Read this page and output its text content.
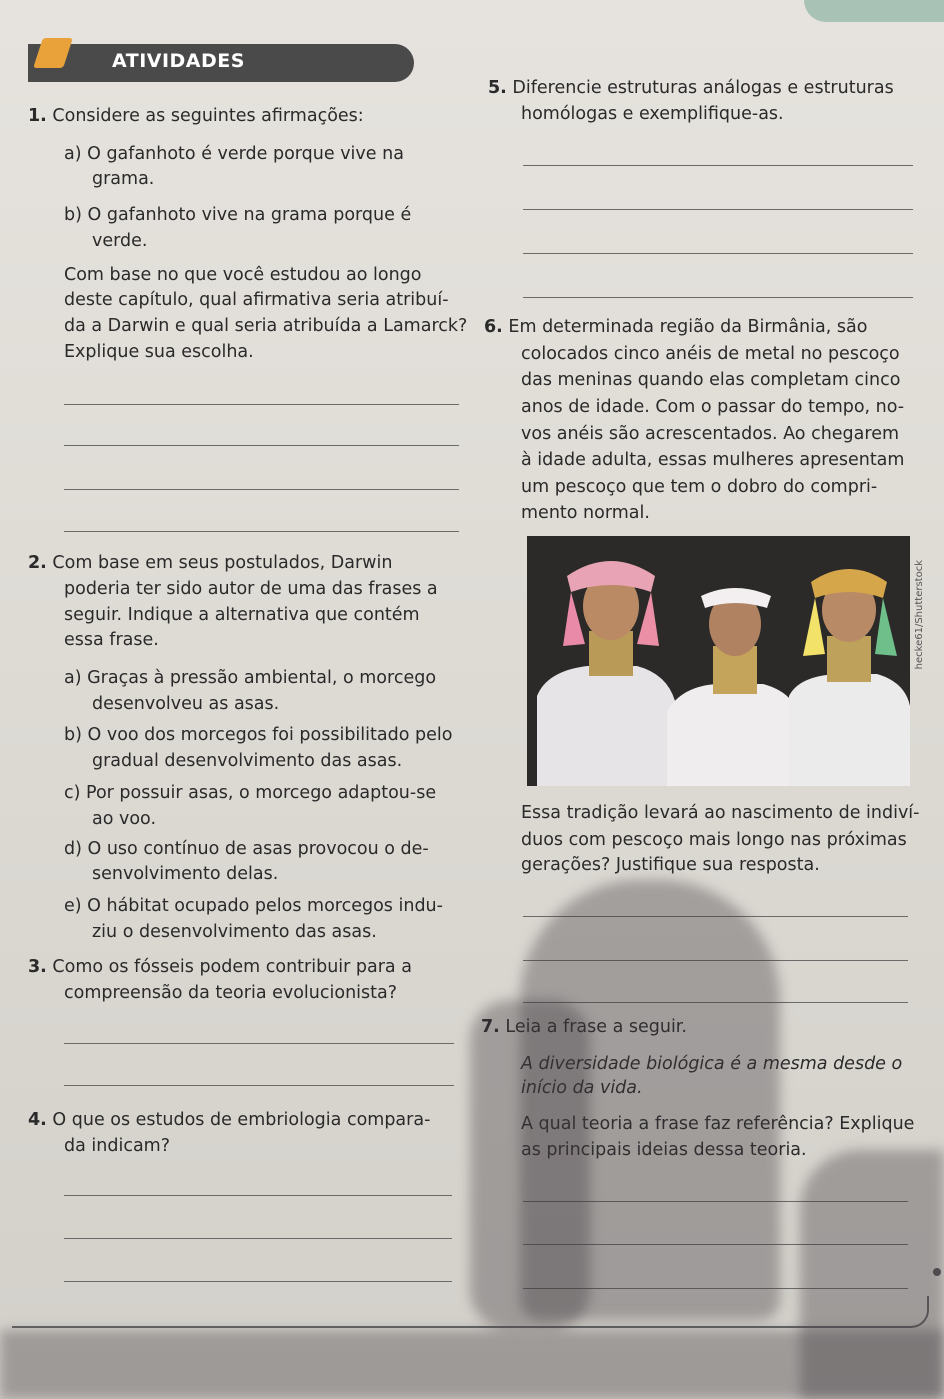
ATIVIDADES
1. Considere as seguintes afirmações:
a) O gafanhoto é verde porque vive na
grama.
b) O gafanhoto vive na grama porque é
verde.
Com base no que você estudou ao longo
deste capítulo, qual afirmativa seria atribuí-
da a Darwin e qual seria atribuída a Lamarck?
Explique sua escolha.
2. Com base em seus postulados, Darwin
poderia ter sido autor de uma das frases a
seguir. Indique a alternativa que contém
essa frase.
a) Graças à pressão ambiental, o morcego
desenvolveu as asas.
b) O voo dos morcegos foi possibilitado pelo
gradual desenvolvimento das asas.
c) Por possuir asas, o morcego adaptou-se
ao voo.
d) O uso contínuo de asas provocou o de-
senvolvimento delas.
e) O hábitat ocupado pelos morcegos indu-
ziu o desenvolvimento das asas.
3. Como os fósseis podem contribuir para a
compreensão da teoria evolucionista?
4. O que os estudos de embriologia compara-
da indicam?
5. Diferencie estruturas análogas e estruturas
homólogas e exemplifique-as.
6. Em determinada região da Birmânia, são
colocados cinco anéis de metal no pescoço
das meninas quando elas completam cinco
anos de idade. Com o passar do tempo, no-
vos anéis são acrescentados. Ao chegarem
à idade adulta, essas mulheres apresentam
um pescoço que tem o dobro do compri-
mento normal.
hecke61/Shutterstock
Essa tradição levará ao nascimento de indiví-
duos com pescoço mais longo nas próximas
gerações? Justifique sua resposta.
7. Leia a frase a seguir.
A diversidade biológica é a mesma desde o
início da vida.
A qual teoria a frase faz referência? Explique
as principais ideias dessa teoria.
